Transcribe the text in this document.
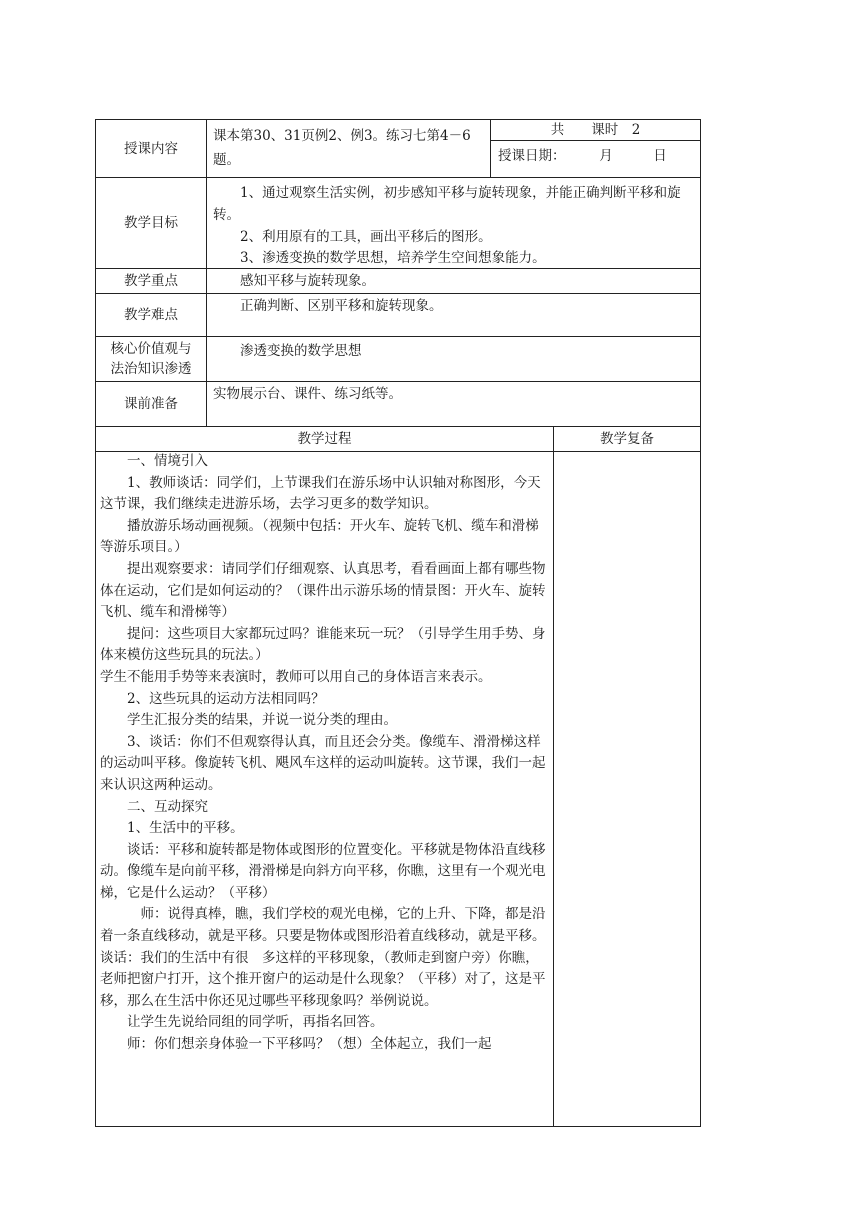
授课内容
课本第30、31页例2、例3。练习七第4－6题。
共　　课时　2
授课日期：　　　月　　　日
教学目标
　　1、通过观察生活实例，初步感知平移与旋转现象，并能正确判断平移和旋转。
　　2、利用原有的工具，画出平移后的图形。
　　3、渗透变换的数学思想，培养学生空间想象能力。
教学重点	　　感知平移与旋转现象。
教学难点
　　正确判断、区别平移和旋转现象。
核心价值观与
法治知识渗透
　　渗透变换的数学思想
课前准备
实物展示台、课件、练习纸等。
教学过程	教学复备

　　一、情境引入

　　1、教师谈话：同学们，上节课我们在游乐场中认识轴对称图形，今天这节课，我们继续走进游乐场，去学习更多的数学知识。

　　播放游乐场动画视频。（视频中包括：开火车、旋转飞机、缆车和滑梯等游乐项目。）

　　提出观察要求：请同学们仔细观察、认真思考，看看画面上都有哪些物体在运动，它们是如何运动的？（课件出示游乐场的情景图：开火车、旋转飞机、缆车和滑梯等）

　　提问：这些项目大家都玩过吗？谁能来玩一玩？（引导学生用手势、身体来模仿这些玩具的玩法。）

学生不能用手势等来表演时，教师可以用自己的身体语言来表示。

　　2、这些玩具的运动方法相同吗？

　　学生汇报分类的结果，并说一说分类的理由。

　　3、谈话：你们不但观察得认真，而且还会分类。像缆车、滑滑梯这样的运动叫平移。像旋转飞机、飓风车这样的运动叫旋转。这节课，我们一起来认识这两种运动。

　　二、互动探究

　　1、生活中的平移。

　　谈话：平移和旋转都是物体或图形的位置变化。平移就是物体沿直线移动。像缆车是向前平移，滑滑梯是向斜方向平移，你瞧，这里有一个观光电梯，它是什么运动？（平移）

　　　师：说得真棒，瞧，我们学校的观光电梯，它的上升、下降，都是沿着一条直线移动，就是平移。只要是物体或图形沿着直线移动，就是平移。

谈话：我们的生活中有很　多这样的平移现象，（教师走到窗户旁）你瞧，老师把窗户打开，这个推开窗户的运动是什么现象？（平移）对了，这是平移，那么在生活中你还见过哪些平移现象吗？举例说说。

　　让学生先说给同组的同学听，再指名回答。

　　师：你们想亲身体验一下平移吗？（想）全体起立，我们一起
